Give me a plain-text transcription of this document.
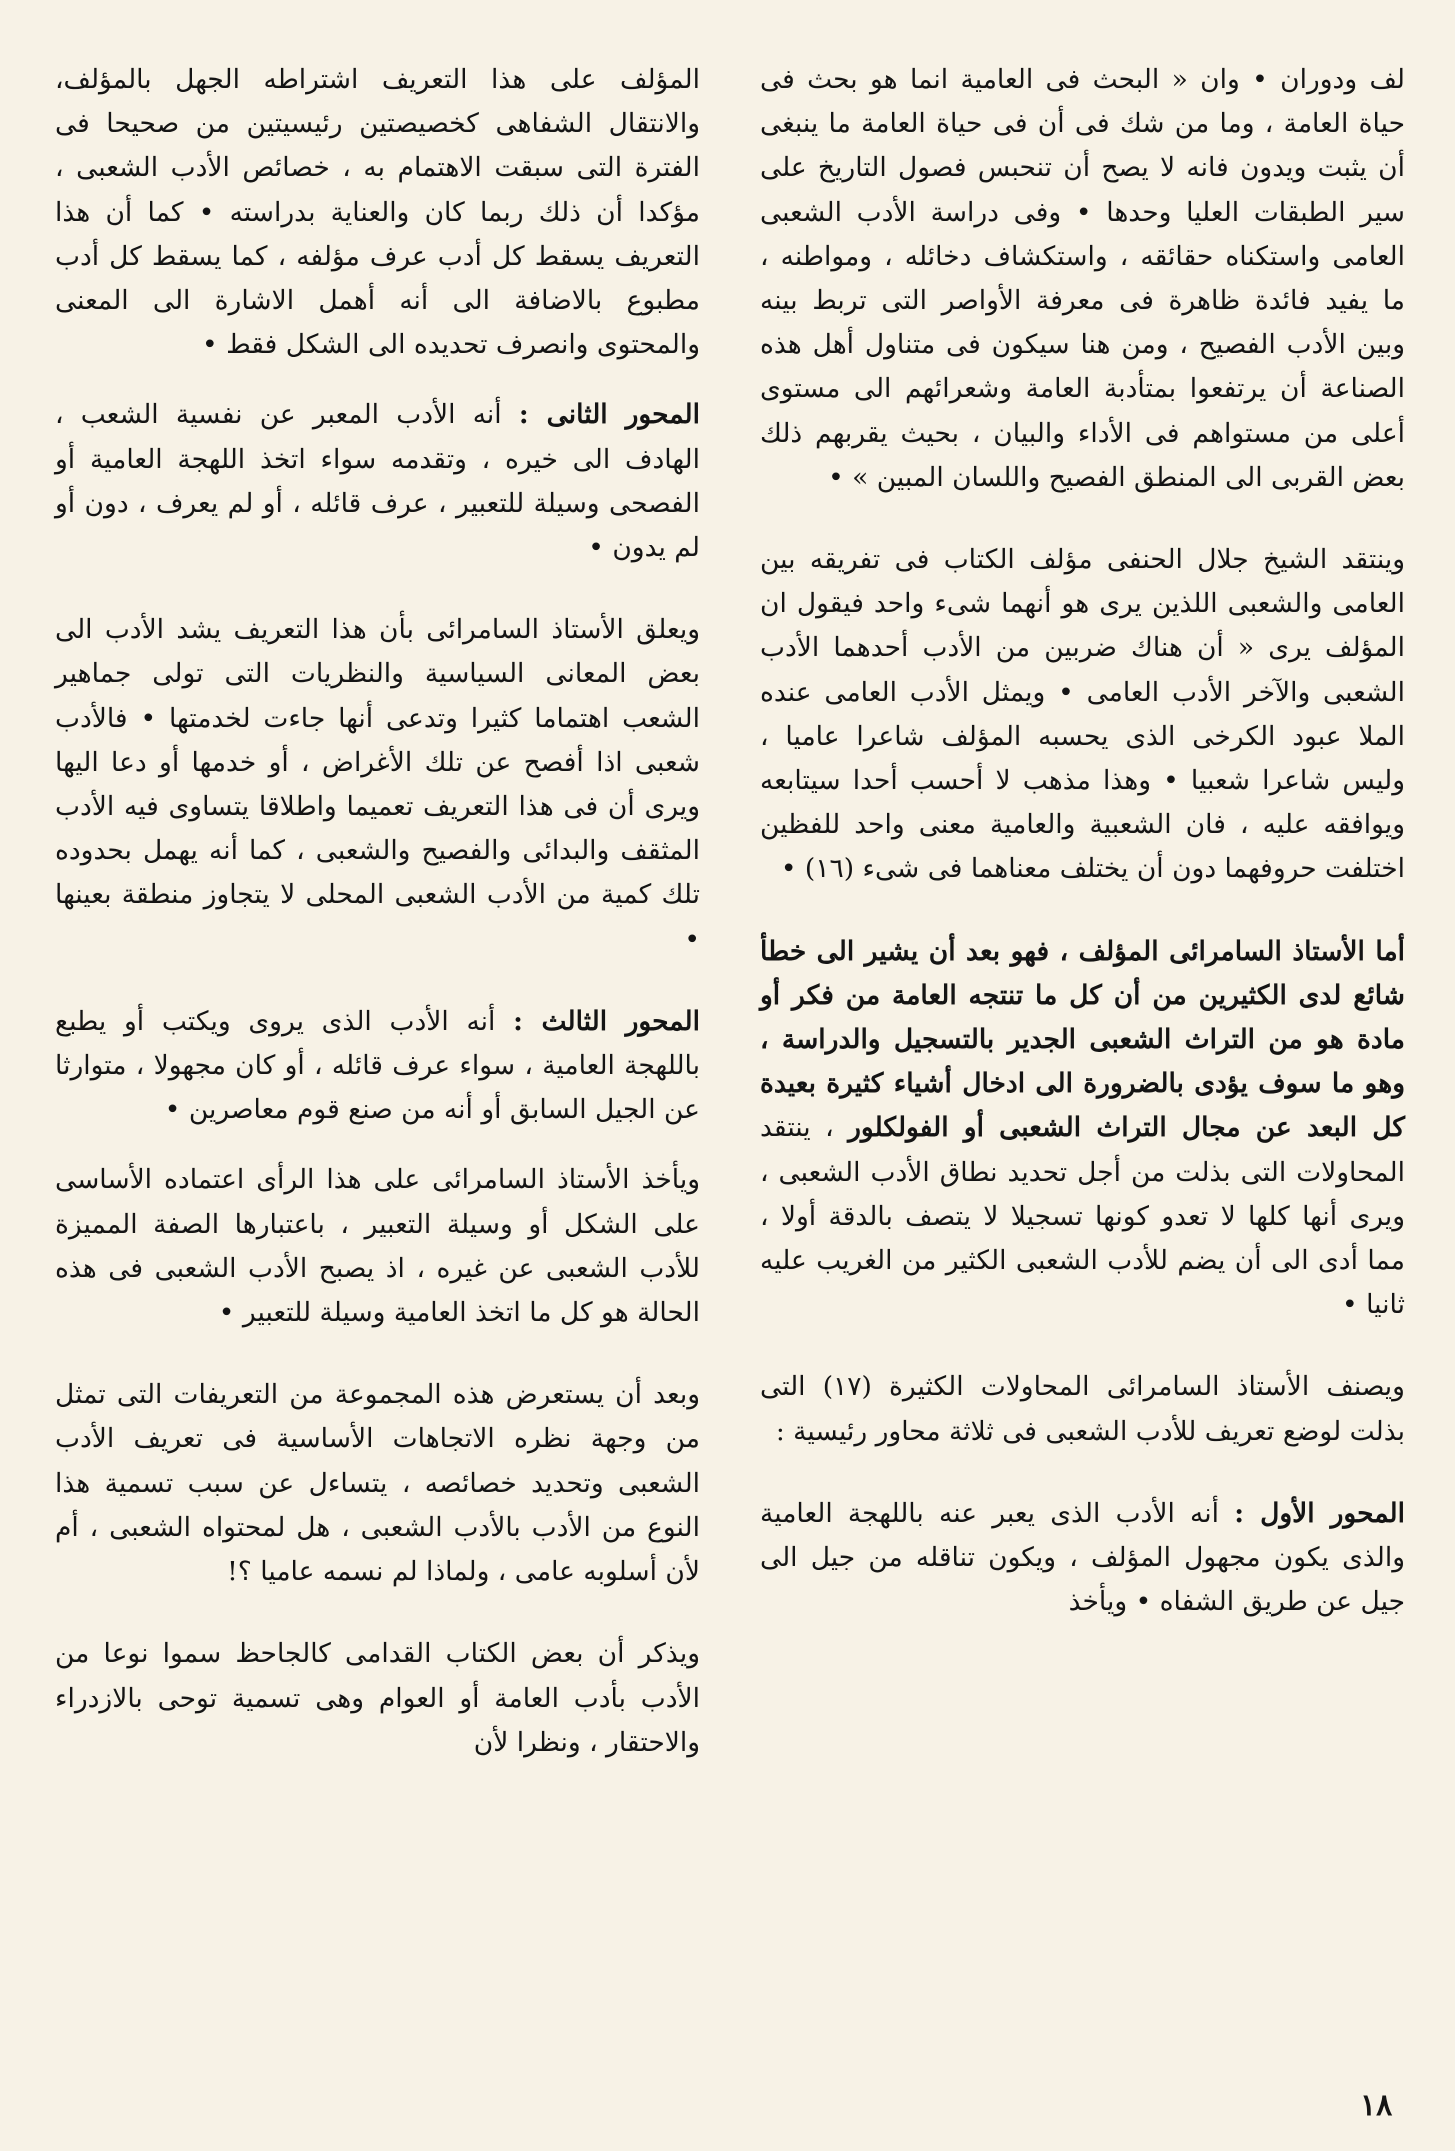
لف ودوران • وان « البحث فى العامية انما هو بحث فى حياة العامة ، وما من شك فى أن فى حياة العامة ما ينبغى أن يثبت ويدون فانه لا يصح أن تنحبس فصول التاريخ على سير الطبقات العليا وحدها • وفى دراسة الأدب الشعبى العامى واستكناه حقائقه ، واستكشاف دخائله ، ومواطنه ، ما يفيد فائدة ظاهرة فى معرفة الأواصر التى تربط بينه وبين الأدب الفصيح ، ومن هنا سيكون فى متناول أهل هذه الصناعة أن يرتفعوا بمتأدبة العامة وشعرائهم الى مستوى أعلى من مستواهم فى الأداء والبيان ، بحيث يقربهم ذلك بعض القربى الى المنطق الفصيح واللسان المبين » •

وينتقد الشيخ جلال الحنفى مؤلف الكتاب فى تفريقه بين العامى والشعبى اللذين يرى هو أنهما شىء واحد فيقول ان المؤلف يرى « أن هناك ضربين من الأدب أحدهما الأدب الشعبى والآخر الأدب العامى • ويمثل الأدب العامى عنده الملا عبود الكرخى الذى يحسبه المؤلف شاعرا عاميا ، وليس شاعرا شعبيا • وهذا مذهب لا أحسب أحدا سيتابعه ويوافقه عليه ، فان الشعبية والعامية معنى واحد للفظين اختلفت حروفهما دون أن يختلف معناهما فى شىء (١٦) •

أما الأستاذ السامرائى المؤلف ، فهو بعد أن يشير الى خطأ شائع لدى الكثيرين من أن كل ما تنتجه العامة من فكر أو مادة هو من التراث الشعبى الجدير بالتسجيل والدراسة ، وهو ما سوف يؤدى بالضرورة الى ادخال أشياء كثيرة بعيدة كل البعد عن مجال التراث الشعبى أو الفولكلور ، ينتقد المحاولات التى بذلت من أجل تحديد نطاق الأدب الشعبى ، ويرى أنها كلها لا تعدو كونها تسجيلا لا يتصف بالدقة أولا ، مما أدى الى أن يضم للأدب الشعبى الكثير من الغريب عليه ثانيا •

ويصنف الأستاذ السامرائى المحاولات الكثيرة (١٧) التى بذلت لوضع تعريف للأدب الشعبى فى ثلاثة محاور رئيسية :

المحور الأول : أنه الأدب الذى يعبر عنه باللهجة العامية والذى يكون مجهول المؤلف ، ويكون تناقله من جيل الى جيل عن طريق الشفاه • ويأخذ

المؤلف على هذا التعريف اشتراطه الجهل بالمؤلف، والانتقال الشفاهى كخصيصتين رئيسيتين من صحيحا فى الفترة التى سبقت الاهتمام به ، خصائص الأدب الشعبى ، مؤكدا أن ذلك ربما كان والعناية بدراسته • كما أن هذا التعريف يسقط كل أدب عرف مؤلفه ، كما يسقط كل أدب مطبوع بالاضافة الى أنه أهمل الاشارة الى المعنى والمحتوى وانصرف تحديده الى الشكل فقط •

المحور الثانى : أنه الأدب المعبر عن نفسية الشعب ، الهادف الى خيره ، وتقدمه سواء اتخذ اللهجة العامية أو الفصحى وسيلة للتعبير ، عرف قائله ، أو لم يعرف ، دون أو لم يدون •

ويعلق الأستاذ السامرائى بأن هذا التعريف يشد الأدب الى بعض المعانى السياسية والنظريات التى تولى جماهير الشعب اهتماما كثيرا وتدعى أنها جاءت لخدمتها • فالأدب شعبى اذا أفصح عن تلك الأغراض ، أو خدمها أو دعا اليها ويرى أن فى هذا التعريف تعميما واطلاقا يتساوى فيه الأدب المثقف والبدائى والفصيح والشعبى ، كما أنه يهمل بحدوده تلك كمية من الأدب الشعبى المحلى لا يتجاوز منطقة بعينها •

المحور الثالث : أنه الأدب الذى يروى ويكتب أو يطبع باللهجة العامية ، سواء عرف قائله ، أو كان مجهولا ، متوارثا عن الجيل السابق أو أنه من صنع قوم معاصرين •

ويأخذ الأستاذ السامرائى على هذا الرأى اعتماده الأساسى على الشكل أو وسيلة التعبير ، باعتبارها الصفة المميزة للأدب الشعبى عن غيره ، اذ يصبح الأدب الشعبى فى هذه الحالة هو كل ما اتخذ العامية وسيلة للتعبير •

وبعد أن يستعرض هذه المجموعة من التعريفات التى تمثل من وجهة نظره الاتجاهات الأساسية فى تعريف الأدب الشعبى وتحديد خصائصه ، يتساءل عن سبب تسمية هذا النوع من الأدب بالأدب الشعبى ، هل لمحتواه الشعبى ، أم لأن أسلوبه عامى ، ولماذا لم نسمه عاميا ؟!

ويذكر أن بعض الكتاب القدامى كالجاحظ سموا نوعا من الأدب بأدب العامة أو العوام وهى تسمية توحى بالازدراء والاحتقار ، ونظرا لأن

١٨
